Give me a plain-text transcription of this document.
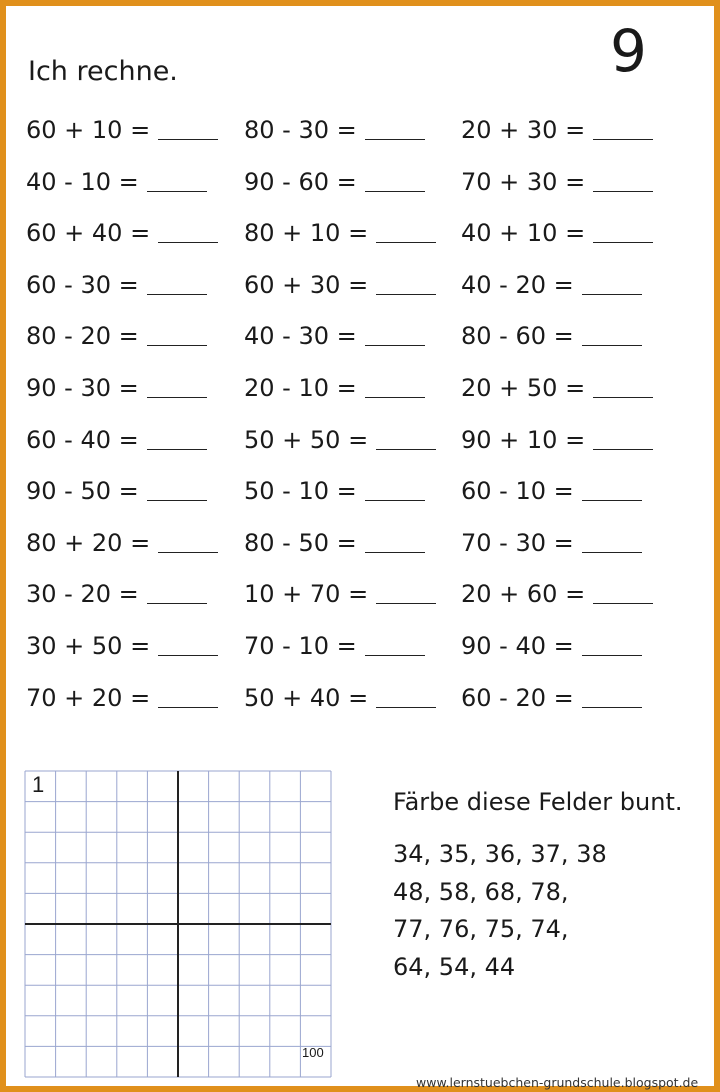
9
Ich rechne.
60 + 10 =
40 - 10 =
60 + 40 =
60 - 30 =
80 - 20 =
90 - 30 =
60 - 40 =
90 - 50 =
80 + 20 =
30 - 20 =
30 + 50 =
70 + 20 =
80 - 30 =
90 - 60 =
80 + 10 =
60 + 30 =
40 - 30 =
20 - 10 =
50 + 50 =
50 - 10 =
80 - 50 =
10 + 70 =
70 - 10 =
50 + 40 =
20 + 30 =
70 + 30 =
40 + 10 =
40 - 20 =
80 - 60 =
20 + 50 =
90 + 10 =
60 - 10 =
70 - 30 =
20 + 60 =
90 - 40 =
60 - 20 =
1
100
Färbe diese Felder bunt.
34, 35, 36, 37, 38
48, 58, 68, 78,
77, 76, 75, 74,
64, 54, 44
www.lernstuebchen-grundschule.blogspot.de
